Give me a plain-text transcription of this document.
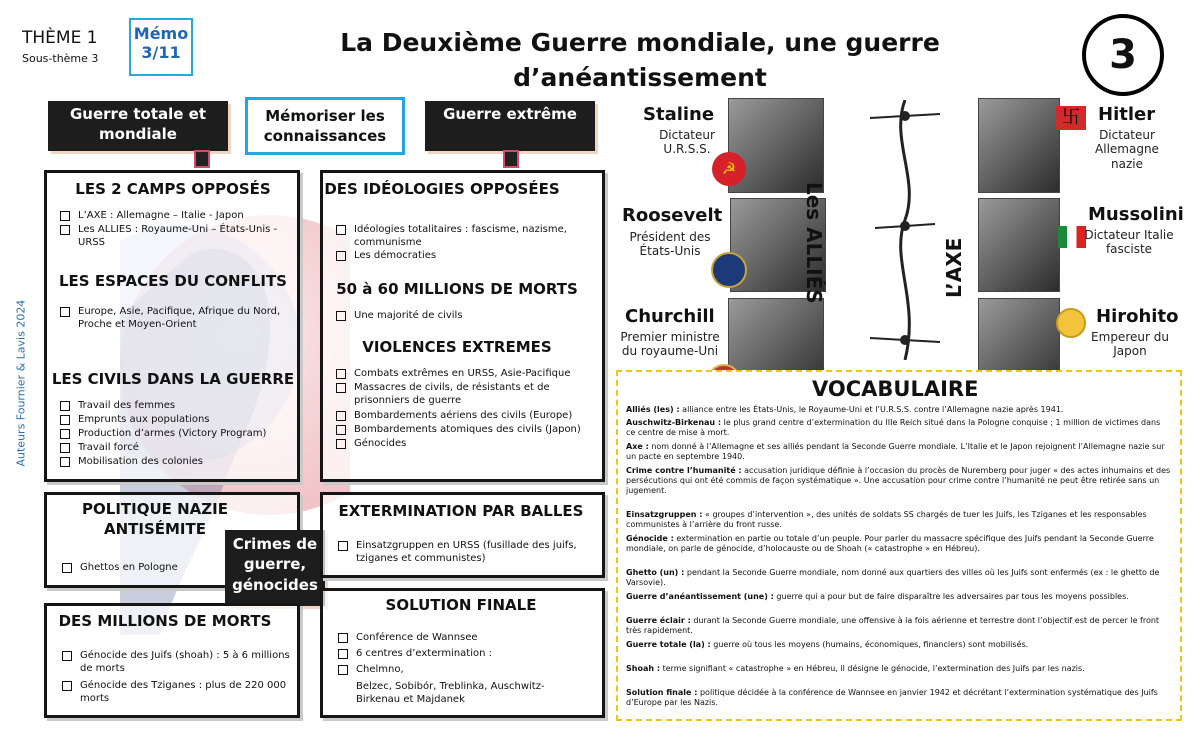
THÈME 1
Sous-thème 3
Mémo 3/11	La Deuxième Guerre mondiale, une guerre d’anéantissement	3
Auteurs Fournier & Lavis 2024
Guerre totale et mondiale
Mémoriser les connaissances
Guerre extrême
LES 2 CAMPS OPPOSÉS
L’AXE : Allemagne – Italie - Japon
Les ALLIES : Royaume-Uni – États-Unis - URSS
LES ESPACES DU CONFLITS
Europe, Asie, Pacifique, Afrique du Nord, Proche et Moyen-Orient
LES CIVILS DANS LA GUERRE
Travail des femmes
Emprunts aux populations
Production d’armes (Victory Program)
Travail forcé
Mobilisation des colonies
DES IDÉOLOGIES OPPOSÉES
Idéologies totalitaires : fascisme, nazisme, communisme
Les démocraties
50 à 60 MILLIONS DE MORTS
Une majorité de civils
VIOLENCES EXTREMES
Combats extrêmes en URSS, Asie-Pacifique
Massacres de civils, de résistants et de prisonniers de guerre
Bombardements aériens des civils (Europe)
Bombardements atomiques des civils (Japon)
Génocides
POLITIQUE NAZIE ANTISÉMITE
Ghettos en Pologne
Crimes de guerre, génocides
DES MILLIONS DE MORTS
Génocide des Juifs (shoah) : 5 à 6 millions de morts
Génocide des Tziganes : plus de 220 000 morts
EXTERMINATION PAR BALLES
Einsatzgruppen en URSS (fusillade des juifs, tziganes et communistes)
SOLUTION FINALE
Conférence de Wannsee
6 centres d’extermination :
Chelmno,
Belzec, Sobibór, Treblinka, Auschwitz-Birkenau et Majdanek
Staline
Dictateur U.R.S.S.
☭
Roosevelt
Président des États-Unis
Churchill
Premier ministre du royaume-Uni
Les ALLIÉS	L’AXE
卐	Hitler
Dictateur Allemagne nazie
Mussolini
Dictateur Italie fasciste
Hirohito
Empereur du Japon
VOCABULAIRE
Alliés (les) : alliance entre les États-Unis, le Royaume-Uni et l’U.R.S.S. contre l’Allemagne nazie après 1941.
Auschwitz-Birkenau : le plus grand centre d’extermination du IIIe Reich situé dans la Pologne conquise ; 1 million de victimes dans ce centre de mise à mort.
Axe : nom donné à l’Allemagne et ses alliés pendant la Seconde Guerre mondiale. L’Italie et le Japon rejoignent l’Allemagne nazie sur un pacte en septembre 1940.
Crime contre l’humanité : accusation juridique définie à l’occasion du procès de Nuremberg pour juger « des actes inhumains et des persécutions qui ont été commis de façon systématique ». Une accusation pour crime contre l’humanité ne peut être retirée sans un jugement.
Einsatzgruppen : « groupes d’intervention », des unités de soldats SS chargés de tuer les Juifs, les Tziganes et les responsables communistes à l’arrière du front russe.
Génocide : extermination en partie ou totale d’un peuple. Pour parler du massacre spécifique des Juifs pendant la Seconde Guerre mondiale, on parle de génocide, d’holocauste ou de Shoah (« catastrophe » en Hébreu).
Ghetto (un) : pendant la Seconde Guerre mondiale, nom donné aux quartiers des villes où les Juifs sont enfermés (ex : le ghetto de Varsovie).
Guerre d’anéantissement (une) : guerre qui a pour but de faire disparaître les adversaires par tous les moyens possibles.
Guerre éclair : durant la Seconde Guerre mondiale, une offensive à la fois aérienne et terrestre dont l’objectif est de percer le front très rapidement.
Guerre totale (la) : guerre où tous les moyens (humains, économiques, financiers) sont mobilisés.
Shoah : terme signifiant « catastrophe » en Hébreu, il désigne le génocide, l’extermination des Juifs par les nazis.
Solution finale : politique décidée à la conférence de Wannsee en janvier 1942 et décrétant l’extermination systématique des Juifs d’Europe par les Nazis.
